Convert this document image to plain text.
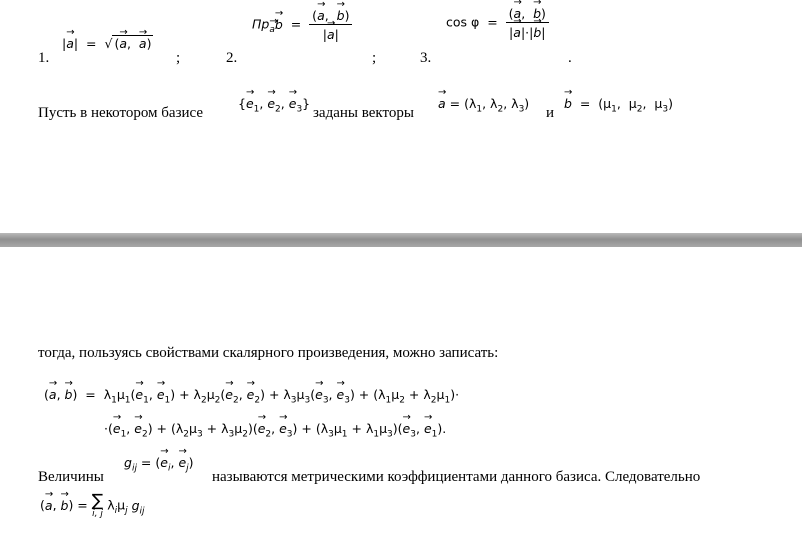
1.
|→ a|  =  √ (→ a,  → a)
;	2.
$Пр\to _a\to b = \frac{(\to a, \to b)}{|\to a|}$
;	3.
$\cos \varphi = \frac{(\to a, \to b)}{|\to a|\cdot|\to b|}$
.
Пусть в некотором базисе
{→ $e_1$, → $e_2$, → $e_3$}
заданы векторы
→ $a = (\lambda_1$, $\lambda_2$, $\lambda_3$)
и
→ $b = (\mu_1$,  $\mu_2$,  $\mu_3$)
тогда, пользуясь свойствами скалярного произведения, можно записать:
(→ a, → $b) = \lambda_1\mu_1(\to e_1$, → $e_1) + \lambda_2\mu_2(\to e_2$, → $e_2) + \lambda_3\mu_3(\to e_3$, → $e_3) + (\lambda_1\mu_2 + \lambda_2\mu_1)\cdot$
·(→ $e_1$, → $e_2) + (\lambda_2\mu_3 + \lambda_3\mu_2)(\to e_2$, → $e_3) + (\lambda_3\mu_1 + \lambda_1\mu_3)(\to e_3$, → $e_1$).
Величины
$g_{ij}$ = (→ $e_i$, → $e_j$)
называются метрическими коэффициентами данного базиса. Следовательно
(→ a, → b) = ∑
i, j
$\lambda_i\mu_j$ $g_{ij}$
